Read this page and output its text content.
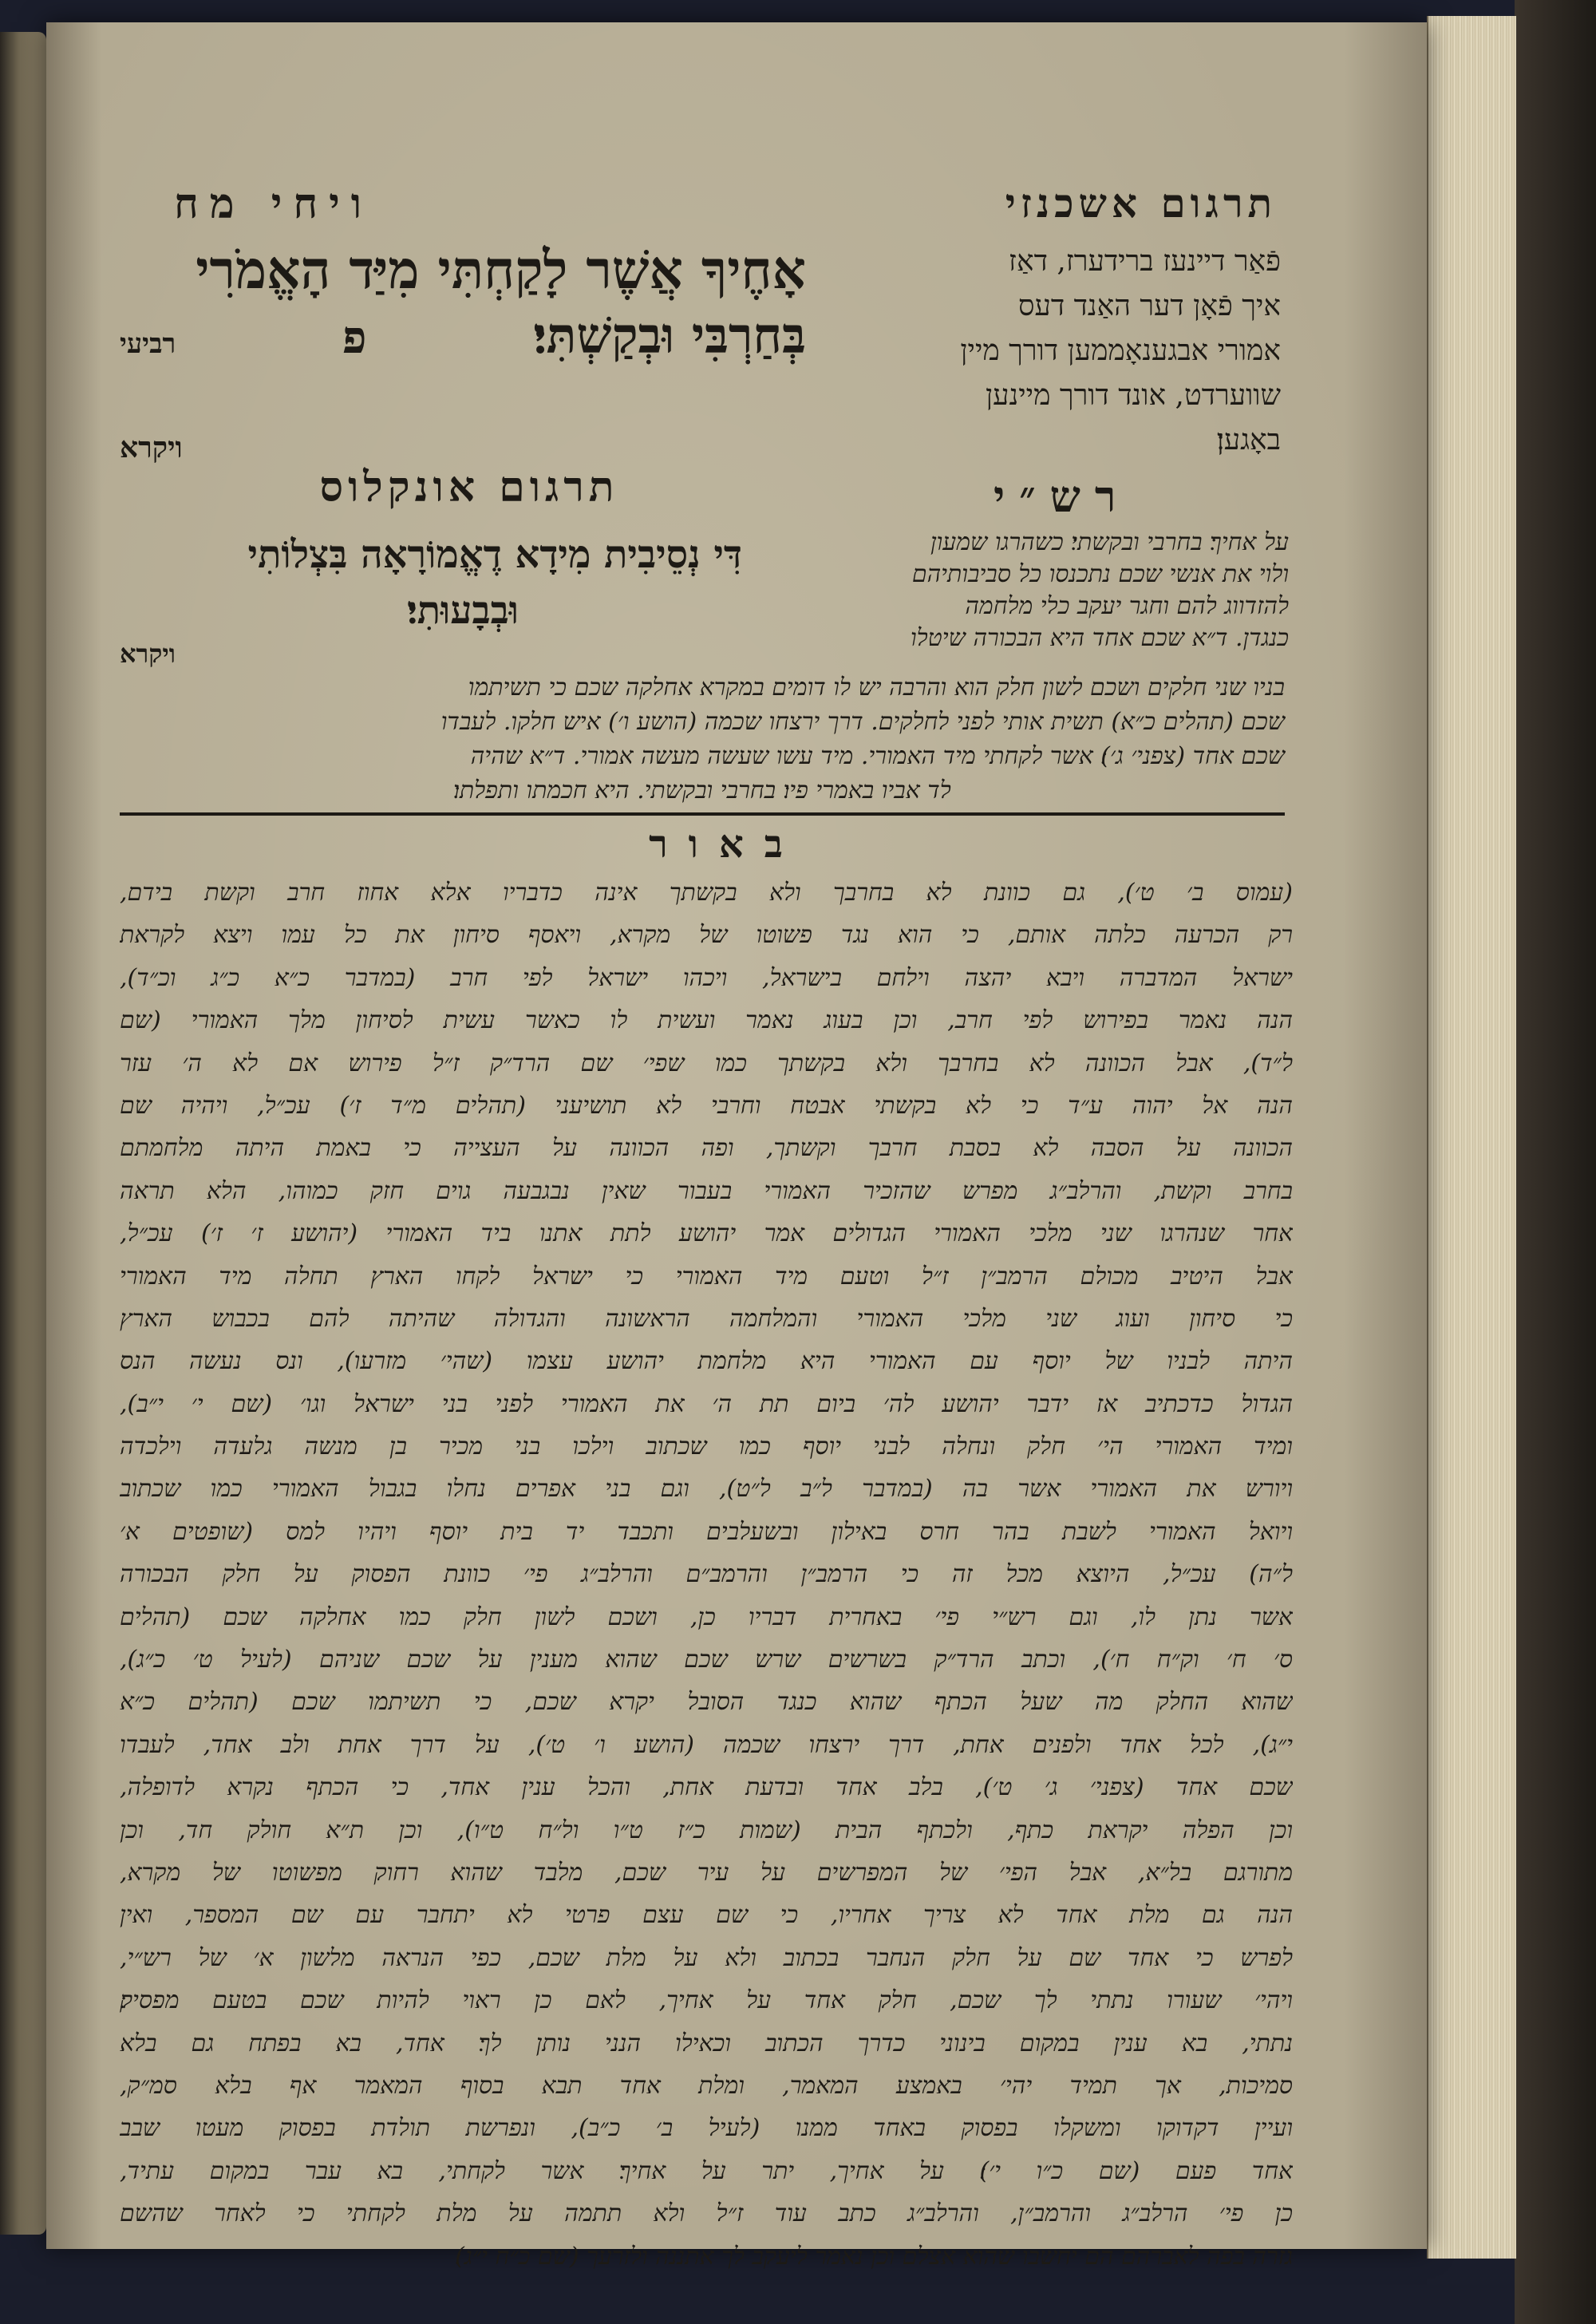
תרגום אשכנזי
ויחי מח
אָחֶיךָ אֲשֶׁר לָקַחְתִּי מִיַּד הָאֱמֹרִי
בְּחַרְבִּי וּבְקַשְׁתִּי׃
פ
רביעי
ויקרא
פֿאַר דיינעז ברידערז, דאַז
איך פֿאָן דער האַנד דעס
אמורי אבגענאָממען דורך מיין
שווערדט, אונד דורך מיינען
באָגען׃
רש״י
תרגום אונקלוס
דִּי נְסֵיבִית מִידָא דֶאֱמוֹרָאָה בִּצְלוֹתִי
וּבְבָעוּתִי׃
על אחיך׃ בחרבי ובקשתי׃ כשהרגו שמעון
ולוי את אנשי שכם נתכנסו כל סביבותיהם
להזדווג להם וחגר יעקב כלי מלחמה
כנגדן. ד״א שכם אחד היא הבכורה שיטלו
ויקרא
בניו שני חלקים ושכם לשון חלק הוא והרבה יש לו דומים במקרא אחלקה שכם כי תשיתמו
שכם (תהלים כ״א) תשית אותי לפני לחלקים. דרך ירצחו שכמה (הושע ו׳) איש חלקו. לעבדו
שכם אחד (צפני׳ ג׳)׃ אשר לקחתי מיד האמורי. מיד עשו שעשה מעשה אמורי. ד״א שהיה
לד אביו באמרי פיו׃ בחרבי ובקשתי. היא חכמתו ותפלתו׃
באור
(עמוס ב׳ ט׳), גם כוונת לא בחרבך ולא בקשתך אינה כדבריו אלא אחוז חרב וקשת בידם,
רק הכרעה כלתה אותם, כי הוא נגד פשוטו של מקרא, ויאסף סיחון את כל עמו ויצא לקראת
ישראל המדברה ויבא יהצה וילחם בישראל, ויכהו ישראל לפי חרב (במדבר כ״א כ״ג וכ״ד),
הנה נאמר בפירוש לפי חרב, וכן בעוג נאמר ועשית לו כאשר עשית לסיחון מלך האמורי (שם
ל״ד), אבל הכוונה לא בחרבך ולא בקשתך כמו שפי׳ שם הרד״ק ז״ל פירוש אם לא ה׳ עזר
הנה אל יהוה ע״ד כי לא בקשתי אבטח וחרבי לא תושיעני (תהלים מ״ד ז׳) עכ״ל, ויהיה שם
הכוונה על הסבה לא בסבת חרבך וקשתך, ופה הכוונה על העצייה כי באמת היתה מלחמתם
בחרב וקשת, והרלב״ג מפרש שהזכיר האמורי בעבור שאין נבגבעה גוים חזק כמוהו, הלא תראה
אחר שנהרגו שני מלכי האמורי הגדולים אמר יהושע לתת אתנו ביד האמורי (יהושע ז׳ ז׳) עכ״ל,
אבל היטיב מכולם הרמב״ן ז״ל וטעם מיד האמורי כי ישראל לקחו הארץ תחלה מיד האמורי
כי סיחון ועוג שני מלכי האמורי והמלחמה הראשונה והגדולה שהיתה להם בכבוש הארץ
היתה לבניו של יוסף עם האמורי היא מלחמת יהושע עצמו (שהי׳ מזרעו), ונס נעשה הנס
הגדול כדכתיב אז ידבר יהושע לה׳ ביום תת ה׳ את האמורי לפני בני ישראל וגו׳ (שם י׳ י״ב),
ומיד האמורי הי׳ חלק ונחלה לבני יוסף כמו שכתוב וילכו בני מכיר בן מנשה גלעדה וילכדה
ויורש את האמורי אשר בה (במדבר ל״ב ל״ט), וגם בני אפרים נחלו בגבול האמורי כמו שכתוב
ויואל האמורי לשבת בהר חרס באילון ובשעלבים ותכבד יד בית יוסף ויהיו למס (שופטים א׳
ל״ה) עכ״ל, היוצא מכל זה כי הרמב״ן והרמב״ם והרלב״ג פי׳ כוונת הפסוק על חלק הבכורה
אשר נתן לו, וגם רש״י פי׳ באחרית דבריו כן, ושכם לשון חלק כמו אחלקה שכם (תהלים
ס׳ ח׳ וק״ח ח׳), וכתב הרד״ק בשרשים שרש שכם שהוא מענין על שכם שניהם (לעיל ט׳ כ״ג),
שהוא החלק מה שעל הכתף שהוא כנגד הסובל יקרא שכם, כי תשיתמו שכם (תהלים כ״א
י״ג), לכל אחד ולפנים אחת, דרך ירצחו שכמה (הושע ו׳ ט׳), על דרך אחת ולב אחד, לעבדו
שכם אחד (צפני׳ ג׳ ט׳), בלב אחד ובדעת אחת, והכל ענין אחד, כי הכתף נקרא לדופלה,
וכן הפלה יקראת כתף, ולכתף הבית (שמות כ״ז ט״ו ול״ח ט״ו), וכן ת״א חולק חד, וכן
מתורגם בל״א, אבל הפי׳ של המפרשים על עיר שכם, מלבד שהוא רחוק מפשוטו של מקרא,
הנה גם מלת אחד לא צריך אחריו, כי שם עצם פרטי לא יתחבר עם שם המספר, ואין
לפרש כי אחד שם על חלק הנחבר בכתוב ולא על מלת שכם, כפי הנראה מלשון א׳ של רש״י,
ויהי׳ שעורו נתתי לך שכם, חלק אחד על אחיך, לאם כן ראוי להיות שכם בטעם מפסיק׃
נתתי, בא ענין במקום בינוני כדרך הכתוב וכאילו הנני נותן לך׃ אחד, בא בפתח גם בלא
סמיכות, אך תמיד יהי׳ באמצע המאמר, ומלת אחד תבא בסוף המאמר אף בלא סמ״ק,
ועיין דקדוקו ומשקלו בפסוק באחד ממנו (לעיל ב׳ כ״ב), ונפרשת תולדת בפסוק מעטו שבב
אחד פעם (שם כ״ו י׳)׃ על אחיך, יתר על אחיך׃ אשר לקחתי, בא עבר במקום עתיד,
כן פי׳ הרלב״ג והרמב״ן, והרלב״ג כתב עוד ז״ל ולא תתמה על מלת לקחתי כי לאחר שהשם
גזרה בפה לאברהם הם יחשבו שהוא אצלם וכן נאמר ליעקב לך אתננה ולזרעך (שם כ״ח י״ג)׃
